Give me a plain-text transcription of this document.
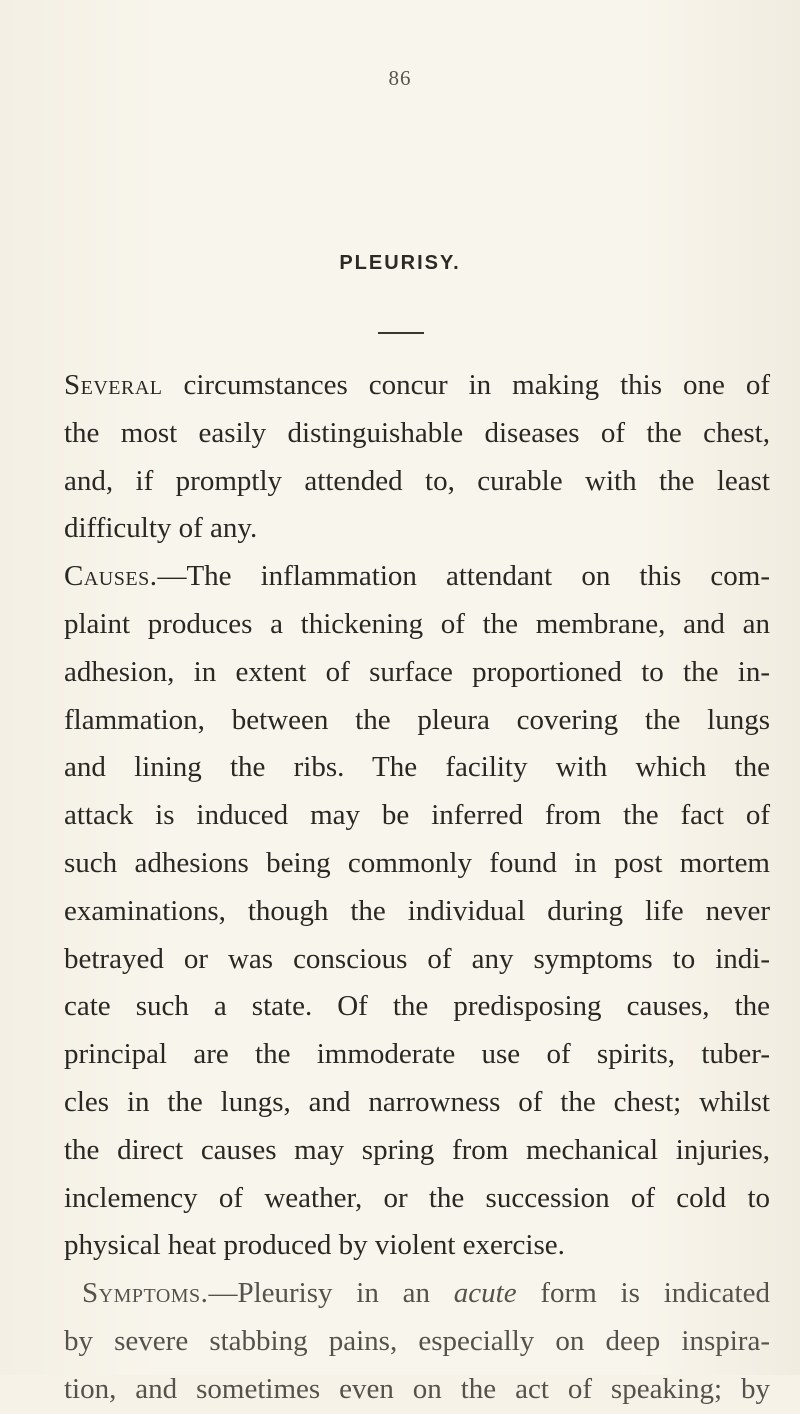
86
PLEURISY.
Several circumstances concur in making this one of
the most easily distinguishable diseases of the chest,
and, if promptly attended to, curable with the least
difficulty of any.
Causes.—The inflammation attendant on this com-
plaint produces a thickening of the membrane, and an
adhesion, in extent of surface proportioned to the in-
flammation, between the pleura covering the lungs
and lining the ribs. The facility with which the
attack is induced may be inferred from the fact of
such adhesions being commonly found in post mortem
examinations, though the individual during life never
betrayed or was conscious of any symptoms to indi-
cate such a state. Of the predisposing causes, the
principal are the immoderate use of spirits, tuber-
cles in the lungs, and narrowness of the chest; whilst
the direct causes may spring from mechanical injuries,
inclemency of weather, or the succession of cold to
physical heat produced by violent exercise.
Symptoms.—Pleurisy in an acute form is indicated
by severe stabbing pains, especially on deep inspira-
tion, and sometimes even on the act of speaking; by
